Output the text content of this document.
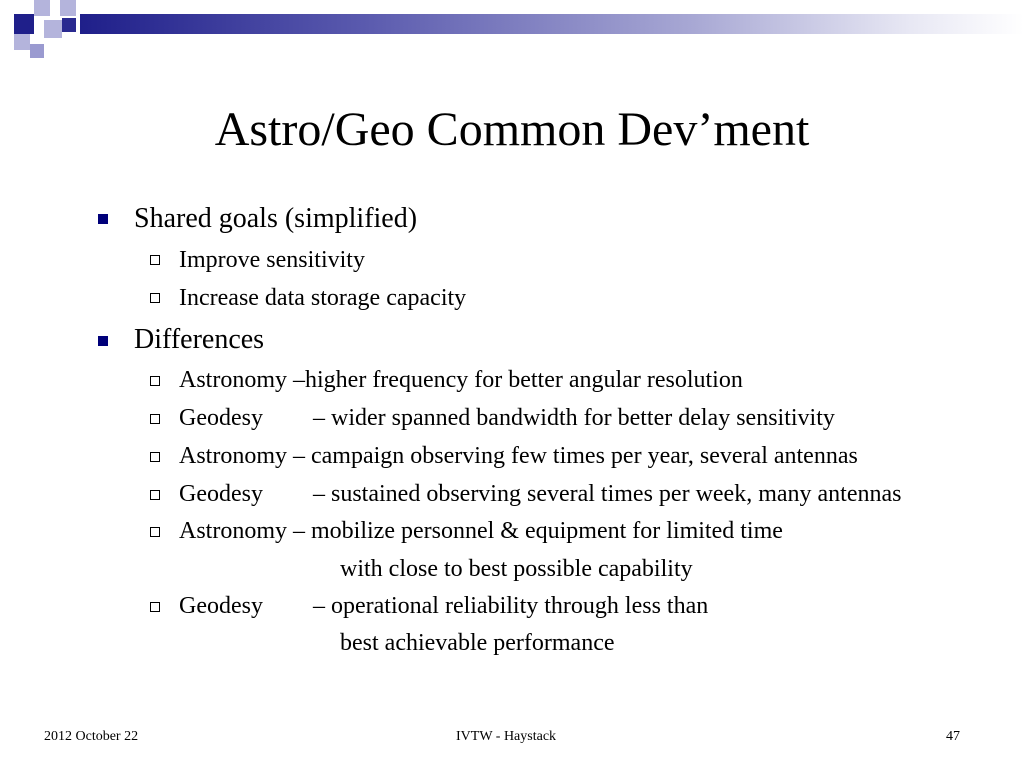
Astro/Geo Common Dev’ment
Shared goals (simplified)
Improve sensitivity
Increase data storage capacity
Differences
Astronomy –higher frequency for better angular resolution
Geodesy – wider spanned bandwidth for better delay sensitivity
Astronomy – campaign observing few times per year, several antennas
Geodesy – sustained observing several times per week, many antennas
Astronomy – mobilize personnel & equipment for limited time
with close to best possible capability
Geodesy – operational reliability through less than
best achievable performance
2012 October 22	IVTW - Haystack	47
